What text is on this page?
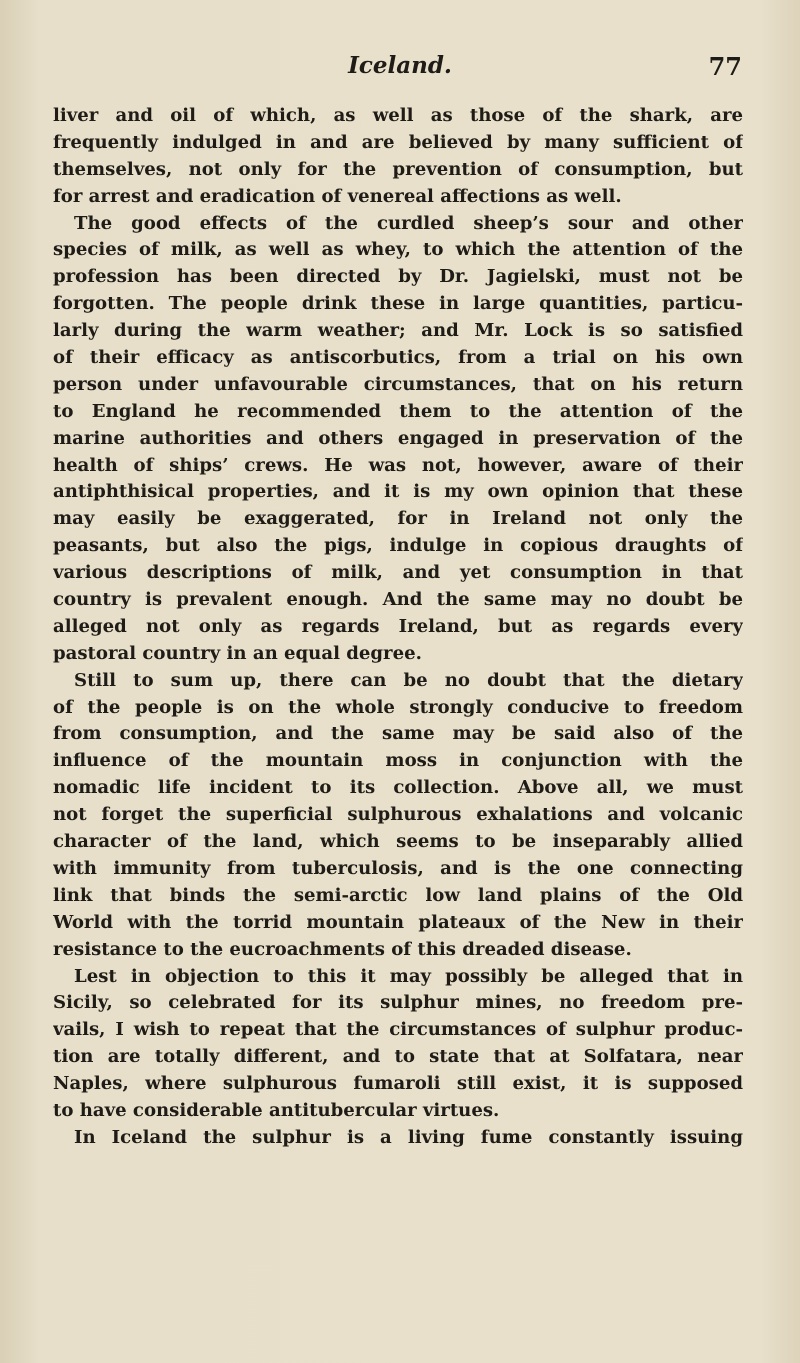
Iceland.	77
liver and oil of which, as well as those of the shark, are
frequently indulged in and are believed by many sufficient of
themselves, not only for the prevention of consumption, but
for arrest and eradication of venereal affections as well.
The good effects of the curdled sheep’s sour and other
species of milk, as well as whey, to which the attention of the
profession has been directed by Dr. Jagielski, must not be
forgotten. The people drink these in large quantities, particu-
larly during the warm weather; and Mr. Lock is so satisfied
of their efficacy as antiscorbutics, from a trial on his own
person under unfavourable circumstances, that on his return
to England he recommended them to the attention of the
marine authorities and others engaged in preservation of the
health of ships’ crews. He was not, however, aware of their
antiphthisical properties, and it is my own opinion that these
may easily be exaggerated, for in Ireland not only the
peasants, but also the pigs, indulge in copious draughts of
various descriptions of milk, and yet consumption in that
country is prevalent enough. And the same may no doubt be
alleged not only as regards Ireland, but as regards every
pastoral country in an equal degree.
Still to sum up, there can be no doubt that the dietary
of the people is on the whole strongly conducive to freedom
from consumption, and the same may be said also of the
influence of the mountain moss in conjunction with the
nomadic life incident to its collection. Above all, we must
not forget the superficial sulphurous exhalations and volcanic
character of the land, which seems to be inseparably allied
with immunity from tuberculosis, and is the one connecting
link that binds the semi-arctic low land plains of the Old
World with the torrid mountain plateaux of the New in their
resistance to the eucroachments of this dreaded disease.
Lest in objection to this it may possibly be alleged that in
Sicily, so celebrated for its sulphur mines, no freedom pre-
vails, I wish to repeat that the circumstances of sulphur produc-
tion are totally different, and to state that at Solfatara, near
Naples, where sulphurous fumaroli still exist, it is supposed
to have considerable antitubercular virtues.
In Iceland the sulphur is a living fume constantly issuing
